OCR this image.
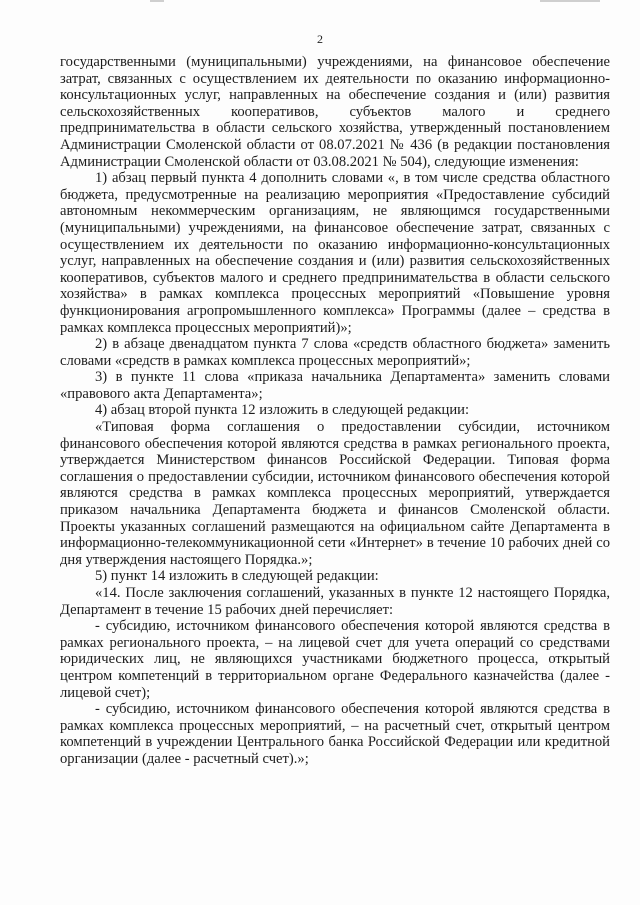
2

государственными (муниципальными) учреждениями, на финансовое обеспечение затрат, связанных с осуществлением их деятельности по оказанию информационно-консультационных услуг, направленных на обеспечение создания и (или) развития сельскохозяйственных кооперативов, субъектов малого и среднего предпринимательства в области сельского хозяйства, утвержденный постановлением Администрации Смоленской области от 08.07.2021 № 436 (в редакции постановления Администрации Смоленской области от 03.08.2021 № 504), следующие изменения:

1) абзац первый пункта 4 дополнить словами «, в том числе средства областного бюджета, предусмотренные на реализацию мероприятия «Предоставление субсидий автономным некоммерческим организациям, не являющимся государственными (муниципальными) учреждениями, на финансовое обеспечение затрат, связанных с осуществлением их деятельности по оказанию информационно-консультационных услуг, направленных на обеспечение создания и (или) развития сельскохозяйственных кооперативов, субъектов малого и среднего предпринимательства в области сельского хозяйства» в рамках комплекса процессных мероприятий «Повышение уровня функционирования агропромышленного комплекса» Программы (далее – средства в рамках комплекса процессных мероприятий)»;

2) в абзаце двенадцатом пункта 7 слова «средств областного бюджета» заменить словами «средств в рамках комплекса процессных мероприятий»;

3) в пункте 11 слова «приказа начальника Департамента» заменить словами «правового акта Департамента»;

4) абзац второй пункта 12 изложить в следующей редакции:

«Типовая форма соглашения о предоставлении субсидии, источником финансового обеспечения которой являются средства в рамках регионального проекта, утверждается Министерством финансов Российской Федерации. Типовая форма соглашения о предоставлении субсидии, источником финансового обеспечения которой являются средства в рамках комплекса процессных мероприятий, утверждается приказом начальника Департамента бюджета и финансов Смоленской области. Проекты указанных соглашений размещаются на официальном сайте Департамента в информационно-телекоммуникационной сети «Интернет» в течение 10 рабочих дней со дня утверждения настоящего Порядка.»;

5) пункт 14 изложить в следующей редакции:

«14. После заключения соглашений, указанных в пункте 12 настоящего Порядка, Департамент в течение 15 рабочих дней перечисляет:

- субсидию, источником финансового обеспечения которой являются средства в рамках регионального проекта, – на лицевой счет для учета операций со средствами юридических лиц, не являющихся участниками бюджетного процесса, открытый центром компетенций в территориальном органе Федерального казначейства (далее - лицевой счет);

- субсидию, источником финансового обеспечения которой являются средства в рамках комплекса процессных мероприятий, – на расчетный счет, открытый центром компетенций в учреждении Центрального банка Российской Федерации или кредитной организации (далее - расчетный счет).»;
